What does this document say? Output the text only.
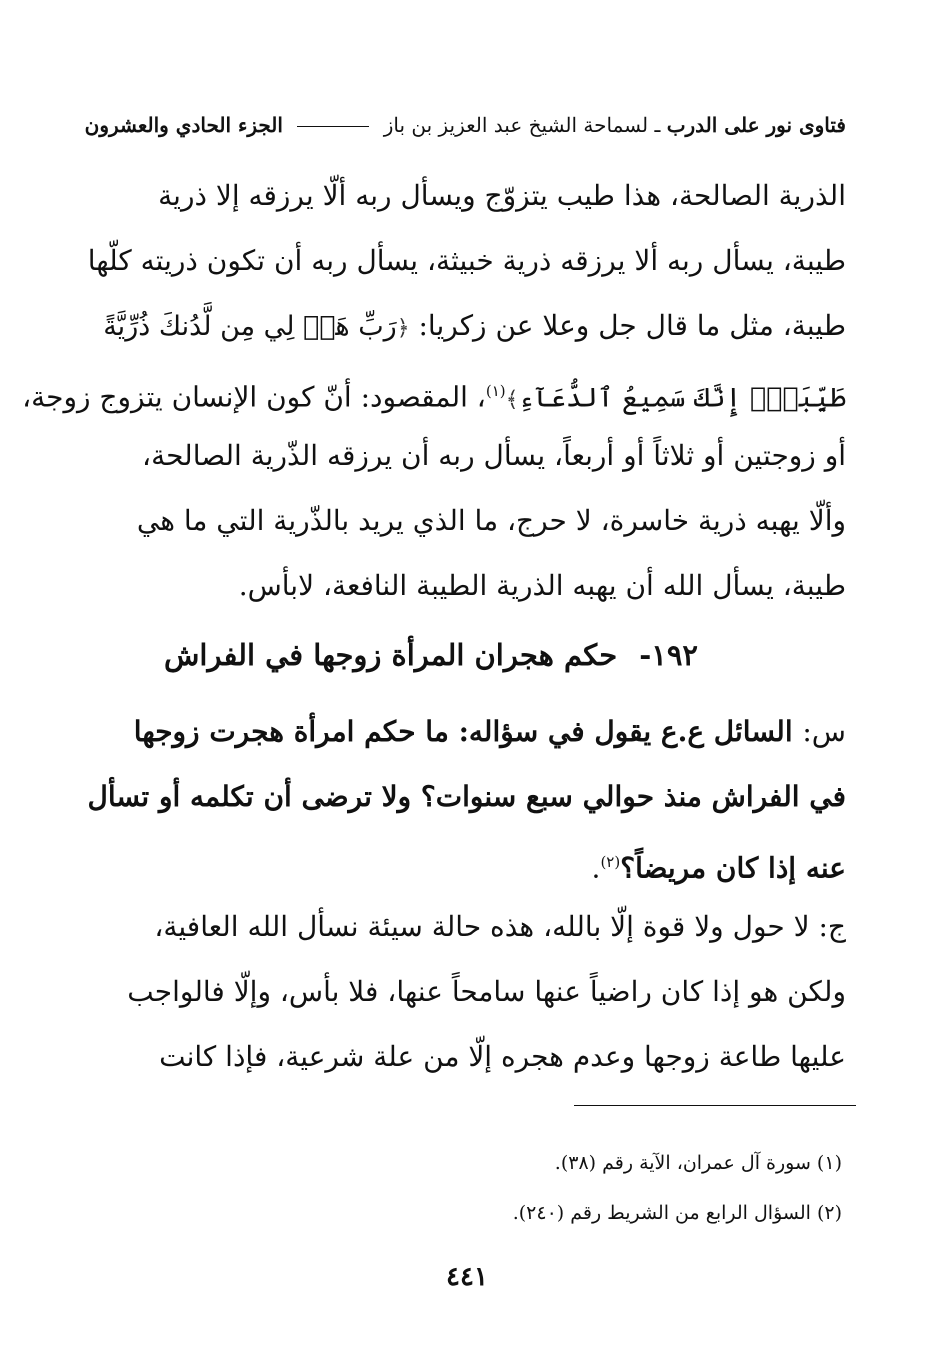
فتاوى نور على الدرب ـ لسماحة الشيخ عبد العزيز بن باز  الجزء الحادي والعشرون
الذرية الصالحة، هذا طيب يتزوّج ويسأل ربه ألّا يرزقه إلا ذرية
طيبة، يسأل ربه ألا يرزقه ذرية خبيثة، يسأل ربه أن تكون ذريته كلّها
طيبة، مثل ما قال جل وعلا عن زكريا: ﴿رَبِّ هَبۡ لِي مِن لَّدُنكَ ذُرِّيَّةً
طَيِّبَةًۖ إِنَّكَ سَمِيعُ ٱلدُّعَآءِ﴾$^{(١)}$، المقصود: أنّ كون الإنسان يتزوج زوجة،
أو زوجتين أو ثلاثاً أو أربعاً، يسأل ربه أن يرزقه الذّرية الصالحة،
وألّا يهبه ذرية خاسرة، لا حرج، ما الذي يريد بالذّرية التي ما هي
طيبة، يسأل الله أن يهبه الذرية الطيبة النافعة، لابأس.
١٩٢-حكم هجران المرأة زوجها في الفراش
س: السائل ع.ع يقول في سؤاله: ما حكم امرأة هجرت زوجها
في الفراش منذ حوالي سبع سنوات؟ ولا ترضى أن تكلمه أو تسأل
عنه إذا كان مريضاً؟$^{(٢)}$.
ج: لا حول ولا قوة إلّا بالله، هذه حالة سيئة نسأل الله العافية،
ولكن هو إذا كان راضياً عنها سامحاً عنها، فلا بأس، وإلّا فالواجب
عليها طاعة زوجها وعدم هجره إلّا من علة شرعية، فإذا كانت
(١) سورة آل عمران، الآية رقم (٣٨).
(٢) السؤال الرابع من الشريط رقم (٢٤٠).
٤٤١
